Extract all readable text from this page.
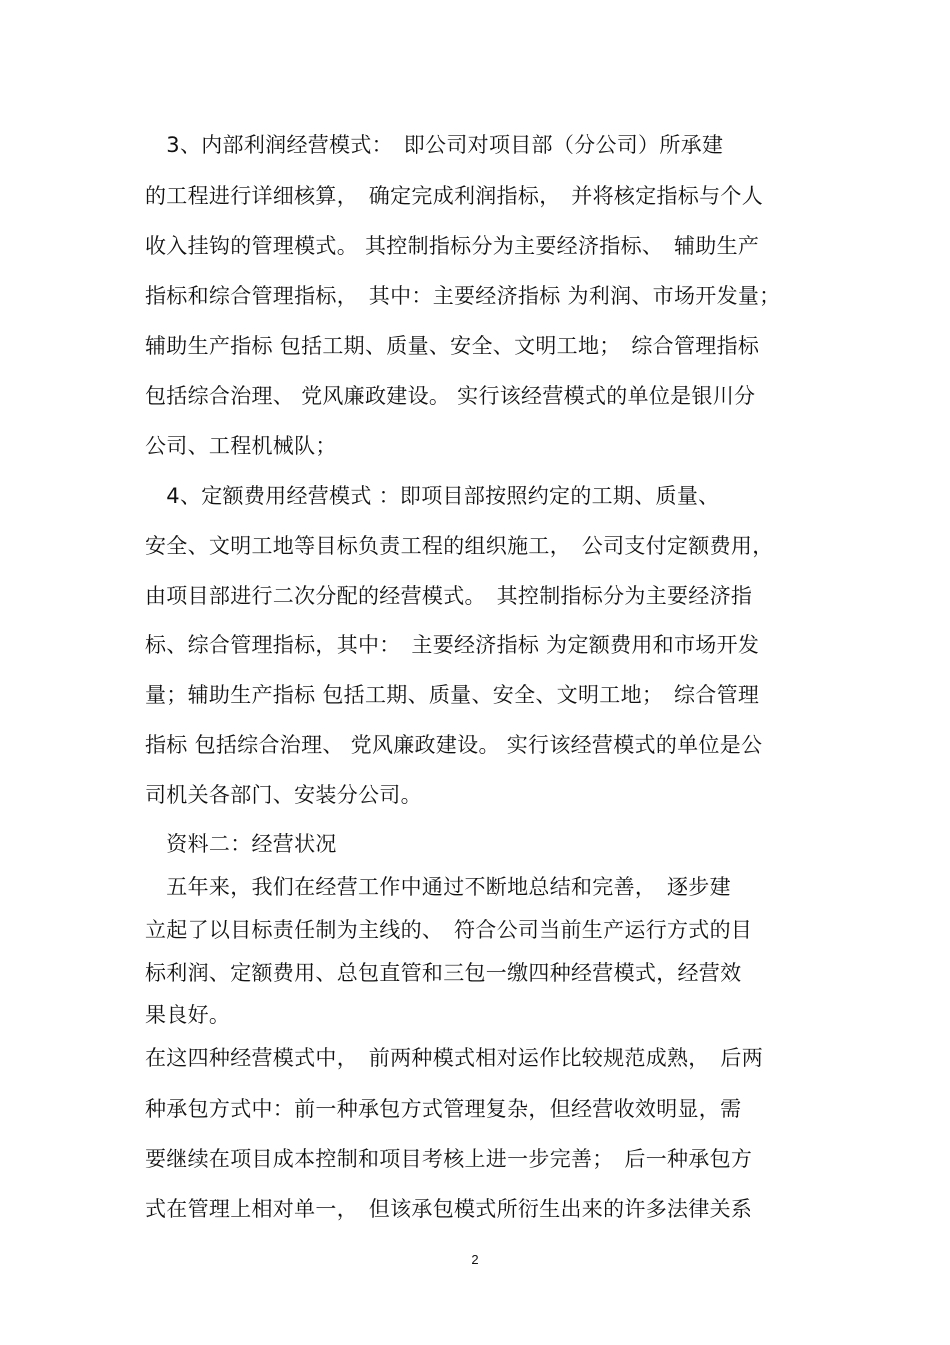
　3、内部利润经营模式：　即公司对项目部（分公司）所承建
的工程进行详细核算，　确定完成利润指标，　并将核定指标与个人
收入挂钩的管理模式。 其控制指标分为主要经济指标、　辅助生产
指标和综合管理指标，　其中：主要经济指标 为利润、市场开发量；
辅助生产指标 包括工期、质量、安全、文明工地；　综合管理指标
包括综合治理、 党风廉政建设。 实行该经营模式的单位是银川分
公司、工程机械队；
　4、定额费用经营模式 ：即项目部按照约定的工期、质量、
安全、文明工地等目标负责工程的组织施工，　公司支付定额费用，
由项目部进行二次分配的经营模式。　其控制指标分为主要经济指
标、综合管理指标，其中：　主要经济指标 为定额费用和市场开发
量；辅助生产指标 包括工期、质量、安全、文明工地；　综合管理
指标 包括综合治理、 党风廉政建设。 实行该经营模式的单位是公
司机关各部门、安装分公司。
　资料二：经营状况
　五年来，我们在经营工作中通过不断地总结和完善，　逐步建
立起了以目标责任制为主线的、　符合公司当前生产运行方式的目
标利润、定额费用、总包直管和三包一缴四种经营模式，经营效
果良好。
在这四种经营模式中，　前两种模式相对运作比较规范成熟，　后两
种承包方式中：前一种承包方式管理复杂，但经营收效明显，需
要继续在项目成本控制和项目考核上进一步完善；　后一种承包方
式在管理上相对单一，　但该承包模式所衍生出来的许多法律关系
2
